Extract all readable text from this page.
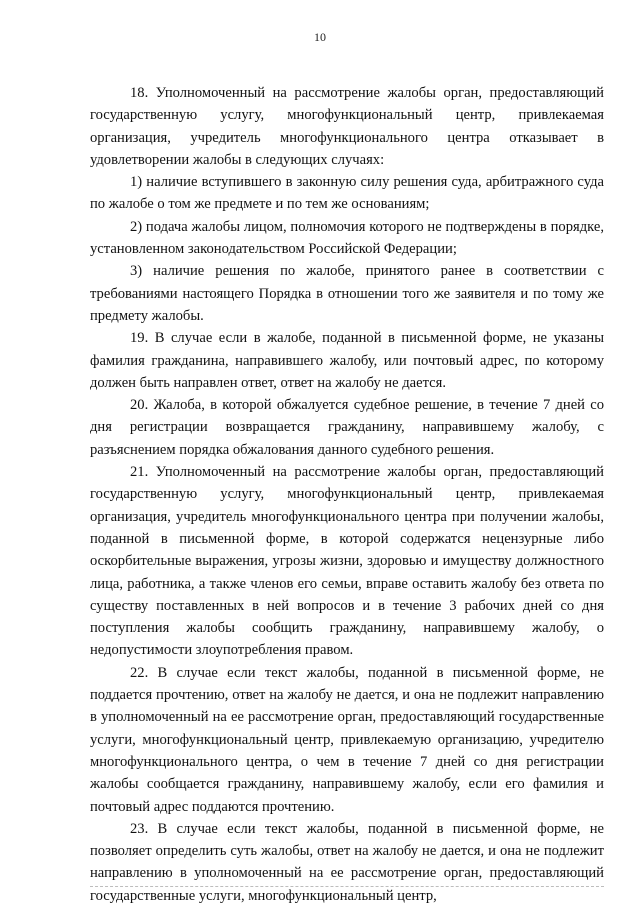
10

18. Уполномоченный на рассмотрение жалобы орган, предоставляющий государственную услугу, многофункциональный центр, привлекаемая организация, учредитель многофункционального центра отказывает в удовлетворении жалобы в следующих случаях:

1) наличие вступившего в законную силу решения суда, арбитражного суда по жалобе о том же предмете и по тем же основаниям;

2) подача жалобы лицом, полномочия которого не подтверждены в порядке, установленном законодательством Российской Федерации;

3) наличие решения по жалобе, принятого ранее в соответствии с требованиями настоящего Порядка в отношении того же заявителя и по тому же предмету жалобы.

19. В случае если в жалобе, поданной в письменной форме, не указаны фамилия гражданина, направившего жалобу, или почтовый адрес, по которому должен быть направлен ответ, ответ на жалобу не дается.

20. Жалоба, в которой обжалуется судебное решение, в течение 7 дней со дня регистрации возвращается гражданину, направившему жалобу, с разъяснением порядка обжалования данного судебного решения.

21. Уполномоченный на рассмотрение жалобы орган, предоставляющий государственную услугу, многофункциональный центр, привлекаемая организация, учредитель многофункционального центра при получении жалобы, поданной в письменной форме, в которой содержатся нецензурные либо оскорбительные выражения, угрозы жизни, здоровью и имуществу должностного лица, работника, а также членов его семьи, вправе оставить жалобу без ответа по существу поставленных в ней вопросов и в течение 3 рабочих дней со дня поступления жалобы сообщить гражданину, направившему жалобу, о недопустимости злоупотребления правом.

22. В случае если текст жалобы, поданной в письменной форме, не поддается прочтению, ответ на жалобу не дается, и она не подлежит направлению в уполномоченный на ее рассмотрение орган, предоставляющий государственные услуги, многофункциональный центр, привлекаемую организацию, учредителю многофункционального центра, о чем в течение 7 дней со дня регистрации жалобы сообщается гражданину, направившему жалобу, если его фамилия и почтовый адрес поддаются прочтению.

23. В случае если текст жалобы, поданной в письменной форме, не позволяет определить суть жалобы, ответ на жалобу не дается, и она не подлежит направлению в уполномоченный на ее рассмотрение орган, предоставляющий государственные услуги, многофункциональный центр,
